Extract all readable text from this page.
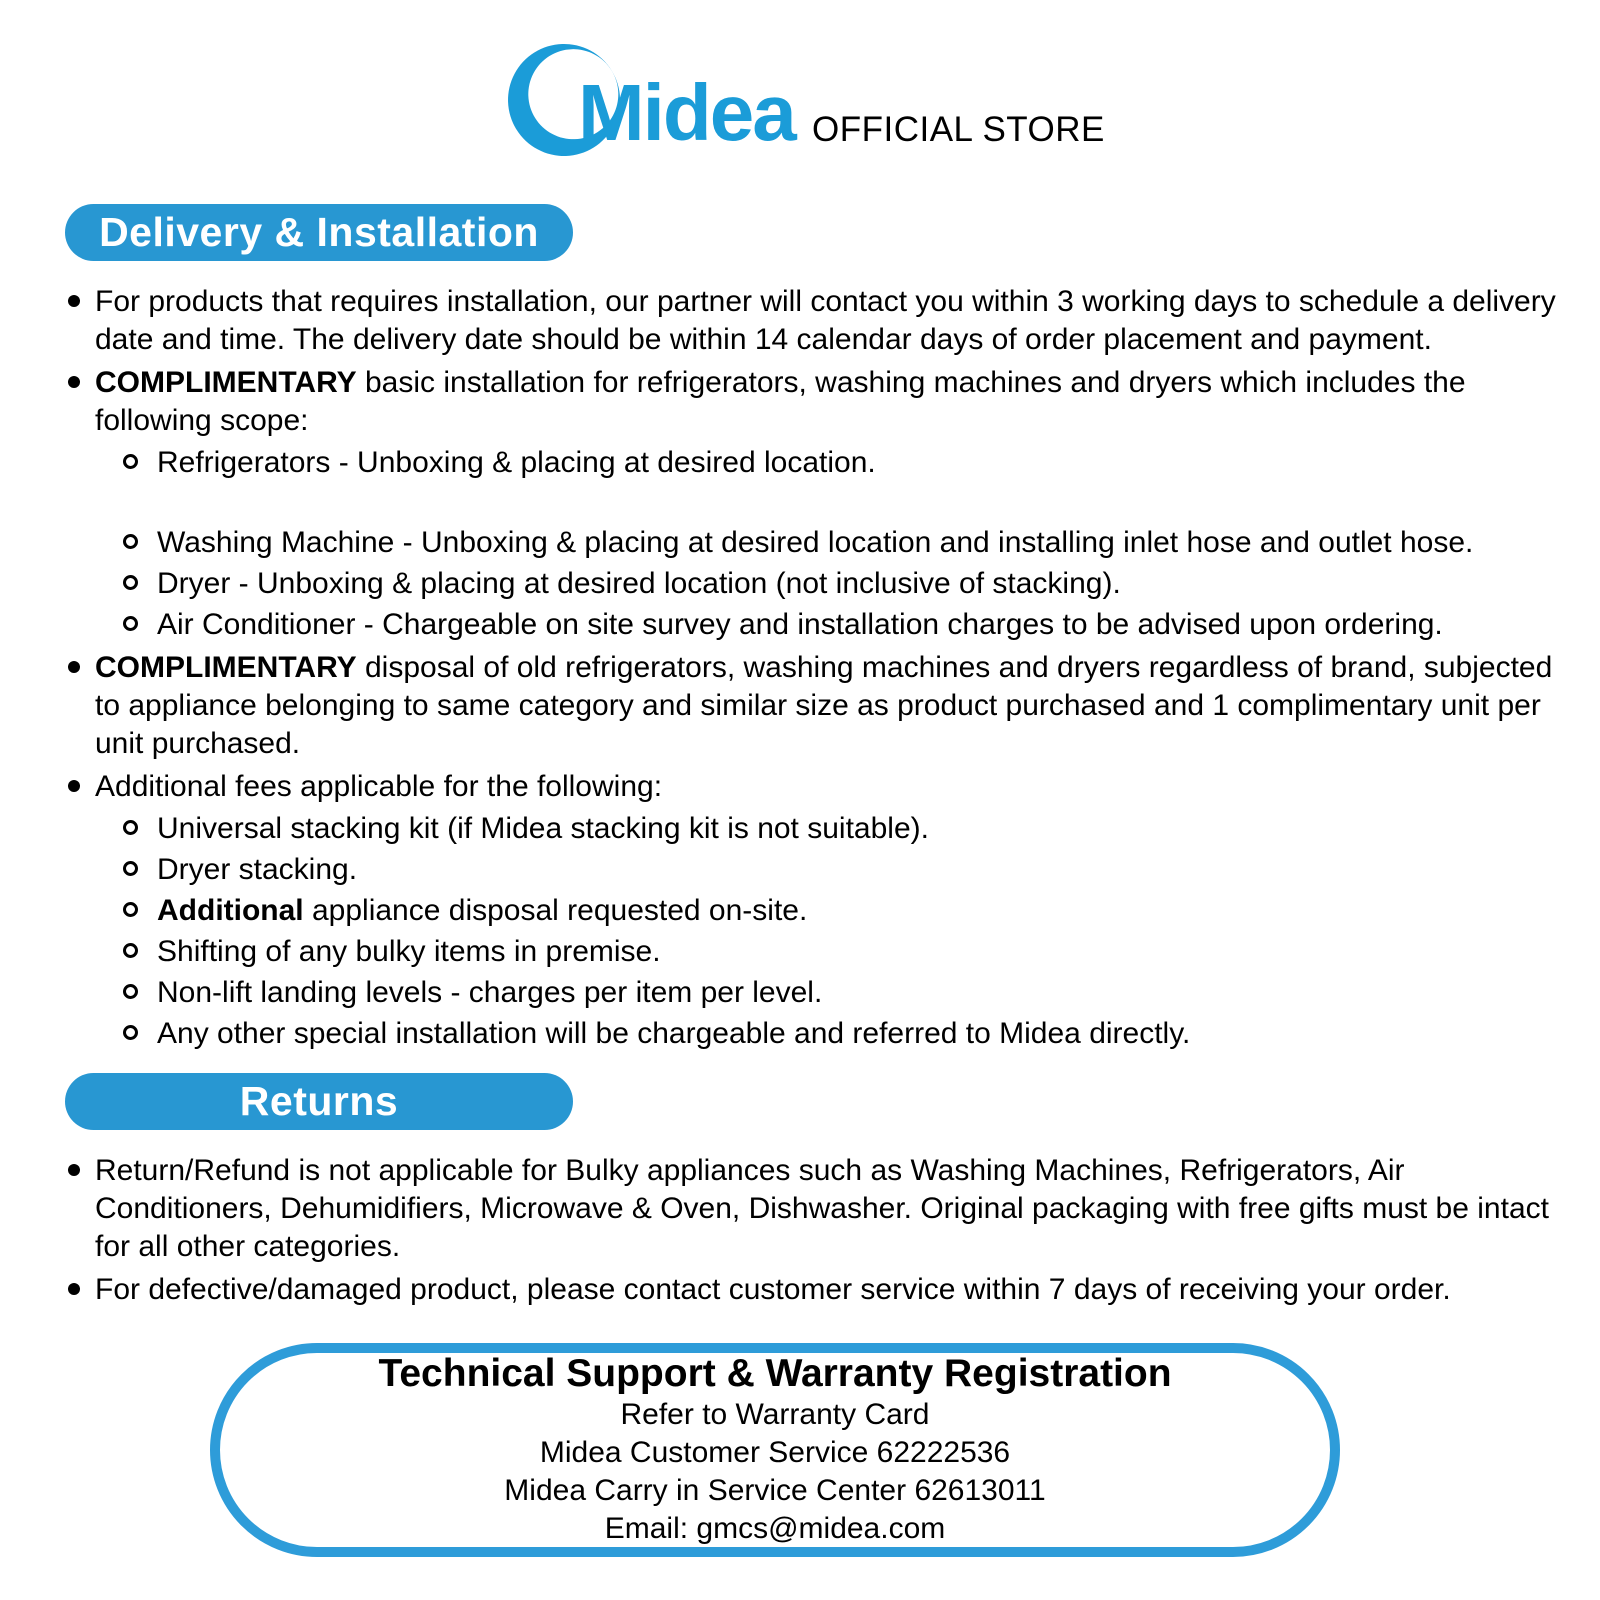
Midea OFFICIAL STORE
Delivery & Installation
For products that requires installation, our partner will contact you within 3 working days to schedule a delivery date and time. The delivery date should be within 14 calendar days of order placement and payment.
COMPLIMENTARY basic installation for refrigerators, washing machines and dryers which includes the following scope:
Refrigerators - Unboxing & placing at desired location.
Washing Machine - Unboxing & placing at desired location and installing inlet hose and outlet hose.
Dryer - Unboxing & placing at desired location (not inclusive of stacking).
Air Conditioner - Chargeable on site survey and installation charges to be advised upon ordering.
COMPLIMENTARY disposal of old refrigerators, washing machines and dryers regardless of brand, subjected to appliance belonging to same category and similar size as product purchased and 1 complimentary unit per unit purchased.
Additional fees applicable for the following:
Universal stacking kit (if Midea stacking kit is not suitable).
Dryer stacking.
Additional appliance disposal requested on-site.
Shifting of any bulky items in premise.
Non-lift landing levels - charges per item per level.
Any other special installation will be chargeable and referred to Midea directly.
Returns
Return/Refund is not applicable for Bulky appliances such as Washing Machines, Refrigerators, Air Conditioners, Dehumidifiers, Microwave & Oven, Dishwasher. Original packaging with free gifts must be intact for all other categories.
For defective/damaged product, please contact customer service within 7 days of receiving your order.
Technical Support & Warranty Registration
Refer to Warranty Card
Midea Customer Service 62222536
Midea Carry in Service Center 62613011
Email: gmcs@midea.com
